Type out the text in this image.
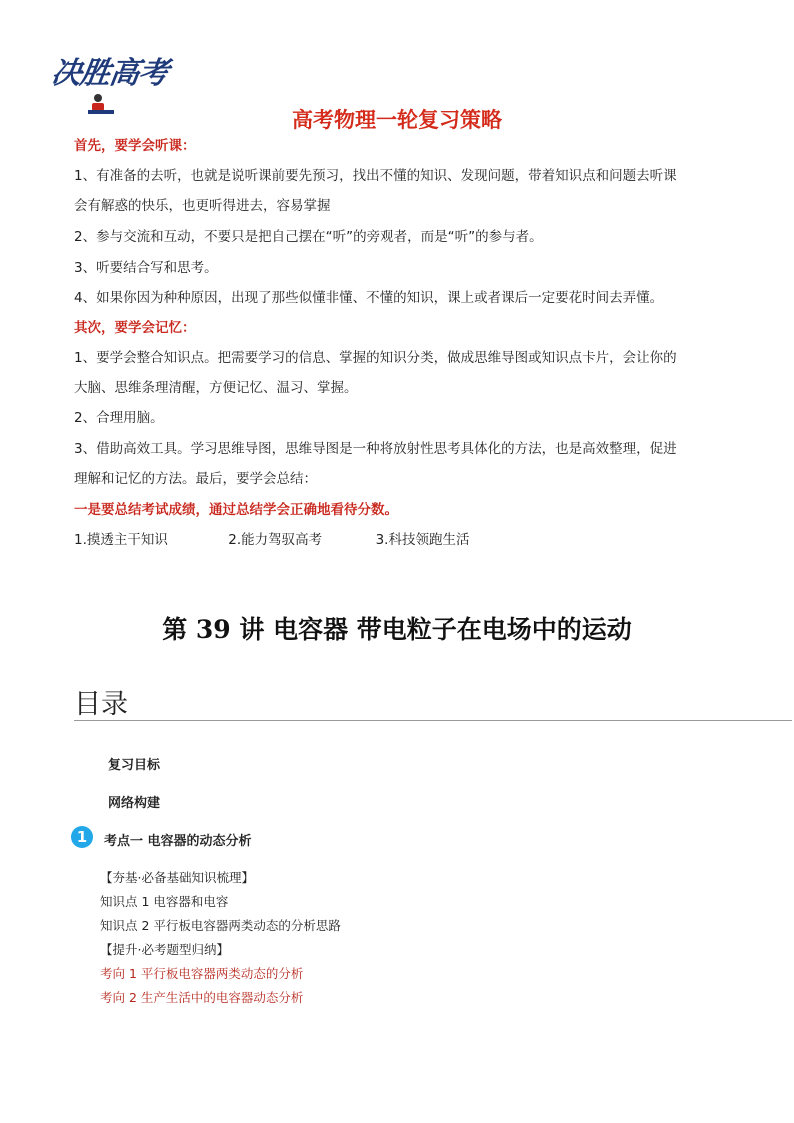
决胜高考
高考物理一轮复习策略
首先，要学会听课：
1、有准备的去听，也就是说听课前要先预习，找出不懂的知识、发现问题，带着知识点和问题去听课
会有解惑的快乐，也更听得进去，容易掌握
2、参与交流和互动，不要只是把自己摆在“听”的旁观者，而是“听”的参与者。
3、听要结合写和思考。
4、如果你因为种种原因，出现了那些似懂非懂、不懂的知识，课上或者课后一定要花时间去弄懂。
其次，要学会记忆：
1、要学会整合知识点。把需要学习的信息、掌握的知识分类，做成思维导图或知识点卡片，会让你的
大脑、思维条理清醒，方便记忆、温习、掌握。
2、合理用脑。
3、借助高效工具。学习思维导图，思维导图是一种将放射性思考具体化的方法，也是高效整理，促进
理解和记忆的方法。最后，要学会总结：
一是要总结考试成绩，通过总结学会正确地看待分数。
1.摸透主干知识	2.能力驾驭高考	3.科技领跑生活
第 39 讲 电容器 带电粒子在电场中的运动
目录
复习目标
网络构建
1	考点一 电容器的动态分析
【夯基·必备基础知识梳理】
知识点 1 电容器和电容
知识点 2 平行板电容器两类动态的分析思路
【提升·必考题型归纳】
考向 1 平行板电容器两类动态的分析
考向 2 生产生活中的电容器动态分析
